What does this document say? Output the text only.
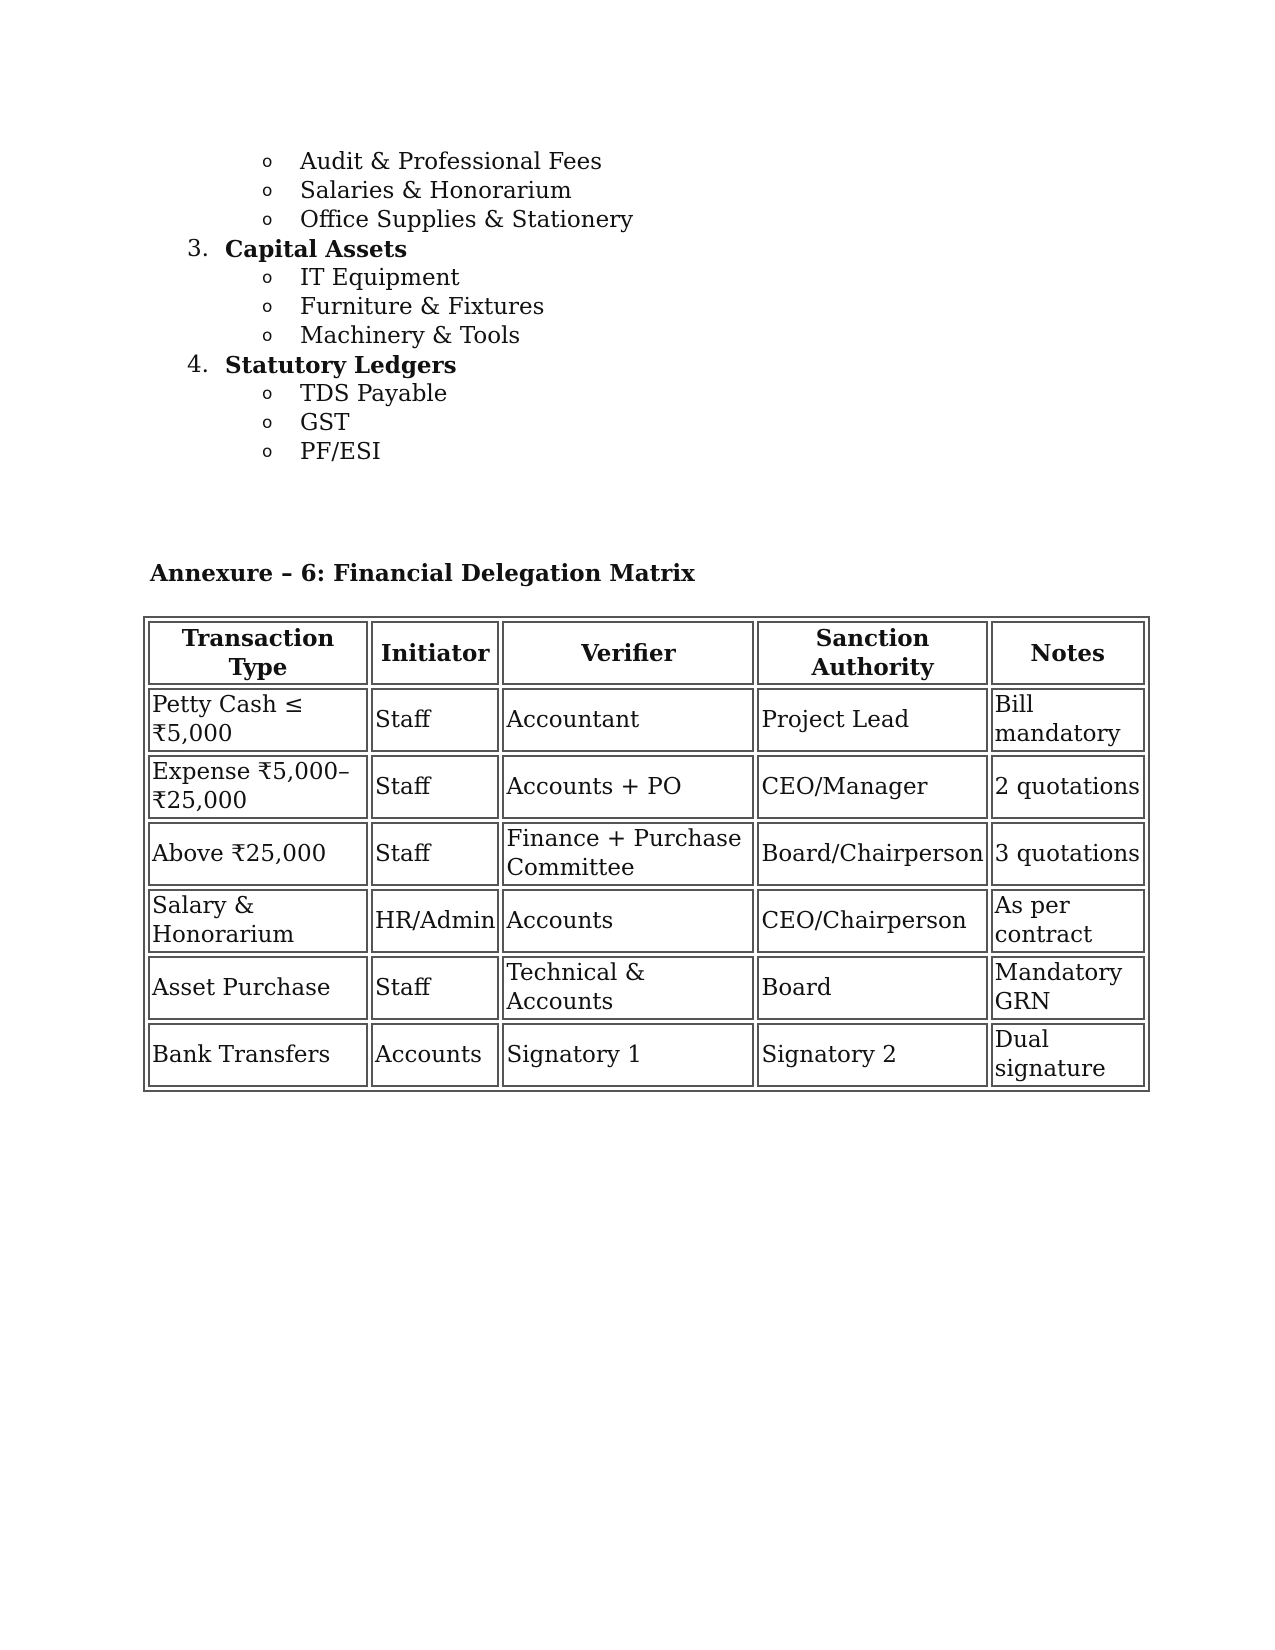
o Audit & Professional Fees
o Salaries & Honorarium
o Office Supplies & Stationery
3. Capital Assets
o IT Equipment
o Furniture & Fixtures
o Machinery & Tools
4. Statutory Ledgers
o TDS Payable
o GST
o PF/ESI
Annexure – 6: Financial Delegation Matrix
Transaction Type	Initiator	Verifier	Sanction Authority	Notes
Petty Cash ≤ ₹5,000	Staff	Accountant	Project Lead	Bill mandatory
Expense ₹5,000–₹25,000	Staff	Accounts + PO	CEO/Manager	2 quotations
Above ₹25,000	Staff	Finance + Purchase Committee	Board/Chairperson	3 quotations
Salary & Honorarium	HR/Admin	Accounts	CEO/Chairperson	As per contract
Asset Purchase	Staff	Technical & Accounts	Board	Mandatory GRN
Bank Transfers	Accounts	Signatory 1	Signatory 2	Dual signature
